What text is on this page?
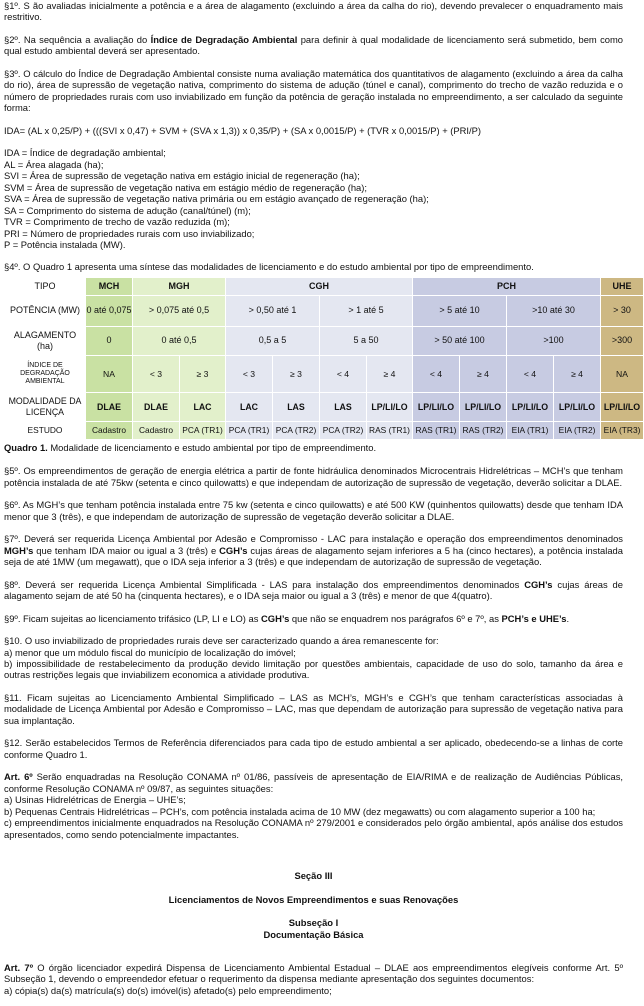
§1º. S ão avaliadas inicialmente a potência e a área de alagamento (excluindo a área da calha do rio), devendo prevalecer o enquadramento mais restritivo.

§2º. Na sequência a avaliação do Índice de Degradação Ambiental para definir à qual modalidade de licenciamento será submetido, bem como qual estudo ambiental deverá ser apresentado.

§3º. O cálculo do Índice de Degradação Ambiental consiste numa avaliação matemática dos quantitativos de alagamento (excluindo a área da calha do rio), área de supressão de vegetação nativa, comprimento do sistema de adução (túnel e canal), comprimento do trecho de vazão reduzida e o número de propriedades rurais com uso inviabilizado em função da potência de geração instalada no empreendimento, a ser calculado da seguinte forma:

IDA= (AL x 0,25/P) + (((SVI x 0,47) + SVM + (SVA x 1,3)) x 0,35/P) + (SA x 0,0015/P) + (TVR x 0,0015/P) + (PRI/P)

IDA = Índice de degradação ambiental;

AL = Área alagada (ha);

SVI = Área de supressão de vegetação nativa em estágio inicial de regeneração (ha);

SVM = Área de supressão de vegetação nativa em estágio médio de regeneração (ha);

SVA = Área de supressão de vegetação nativa primária ou em estágio avançado de regeneração (ha);

SA = Comprimento do sistema de adução (canal/túnel) (m);

TVR = Comprimento de trecho de vazão reduzida (m);

PRI = Número de propriedades rurais com uso inviabilizado;

P = Potência instalada (MW).

§4º. O Quadro 1 apresenta uma síntese das modalidades de licenciamento e do estudo ambiental por tipo de empreendimento.

TIPO	MCH	MGH		CGH				PCH				UHE
POTÊNCIA (MW)	0 até 0,075	> 0,075 até 0,5		> 0,50 até 1		> 1 até 5		> 5 até 10		>10 até 30		> 30
ALAGAMENTO (ha)	0	0 até 0,5		0,5 a 5		5 a 50		> 50 até 100		>100		>300
ÍNDICE DE DEGRADAÇÃO AMBIENTAL	NA	< 3	≥ 3	< 3	≥ 3	< 4	≥ 4	< 4	≥ 4	< 4	≥ 4	NA
MODALIDADE DA LICENÇA	DLAE	DLAE	LAC	LAC	LAS	LAS	LP/LI/LO	LP/LI/LO	LP/LI/LO	LP/LI/LO	LP/LI/LO	LP/LI/LO
ESTUDO	Cadastro	Cadastro	PCA (TR1)	PCA (TR1)	PCA (TR2)	PCA (TR2)	RAS (TR1)	RAS (TR1)	RAS (TR2)	EIA (TR1)	EIA (TR2)	EIA (TR3)

Quadro 1. Modalidade de licenciamento e estudo ambiental por tipo de empreendimento.

§5º. Os empreendimentos de geração de energia elétrica a partir de fonte hidráulica denominados Microcentrais Hidrelétricas – MCH’s que tenham potência instalada de até 75kw (setenta e cinco quilowatts) e que independam de autorização de supressão de vegetação, deverão solicitar a DLAE.

§6º. As MGH’s que tenham potência instalada entre 75 kw (setenta e cinco quilowatts) e até 500 KW (quinhentos quilowatts) desde que tenham IDA menor que 3 (três), e que independam de autorização de supressão de vegetação deverão solicitar a DLAE.

§7º. Deverá ser requerida Licença Ambiental por Adesão e Compromisso - LAC para instalação e operação dos empreendimentos denominados MGH’s que tenham IDA maior ou igual a 3 (três) e CGH’s cujas áreas de alagamento sejam inferiores a 5 ha (cinco hectares), a potência instalada seja de até 1MW (um megawatt), que o IDA seja inferior a 3 (três) e que independam de autorização de supressão de vegetação.

§8º. Deverá ser requerida Licença Ambiental Simplificada - LAS para instalação dos empreendimentos denominados CGH’s cujas áreas de alagamento sejam de até 50 ha (cinquenta hectares), e o IDA seja maior ou igual a 3 (três) e menor de que 4(quatro).

§9º. Ficam sujeitas ao licenciamento trifásico (LP, LI e LO) as CGH’s que não se enquadrem nos parágrafos 6º e 7º, as PCH’s e UHE’s.

§10. O uso inviabilizado de propriedades rurais deve ser caracterizado quando a área remanescente for:

a) menor que um módulo fiscal do município de localização do imóvel;

b) impossibilidade de restabelecimento da produção devido limitação por questões ambientais, capacidade de uso do solo, tamanho da área e outras restrições legais que inviabilizem economica a atividade produtiva.

§11. Ficam sujeitas ao Licenciamento Ambiental Simplificado – LAS as MCH’s, MGH’s e CGH’s que tenham características associadas à modalidade de Licença Ambiental por Adesão e Compromisso – LAC, mas que dependam de autorização para supressão de vegetação nativa para sua implantação.

§12. Serão estabelecidos Termos de Referência diferenciados para cada tipo de estudo ambiental a ser aplicado, obedecendo-se a linhas de corte conforme Quadro 1.

Art. 6º Serão enquadradas na Resolução CONAMA nº 01/86, passíveis de apresentação de EIA/RIMA e de realização de Audiências Públicas, conforme Resolução CONAMA nº 09/87, as seguintes situações:

a) Usinas Hidrelétricas de Energia – UHE’s;

b) Pequenas Centrais Hidrelétricas – PCH’s, com potência instalada acima de 10 MW (dez megawatts) ou com alagamento superior a 100 ha;

c) empreendimentos inicialmente enquadrados na Resolução CONAMA nº 279/2001 e considerados pelo órgão ambiental, após análise dos estudos apresentados, como sendo potencialmente impactantes.

Seção III

Licenciamentos de Novos Empreendimentos e suas Renovações

Subseção I

Documentação Básica

Art. 7º O órgão licenciador expedirá Dispensa de Licenciamento Ambiental Estadual – DLAE aos empreendimentos elegíveis conforme Art. 5º Subseção 1, devendo o empreendedor efetuar o requerimento da dispensa mediante apresentação dos seguintes documentos:

a) cópia(s) da(s) matrícula(s) do(s) imóvel(is) afetado(s) pelo empreendimento;
